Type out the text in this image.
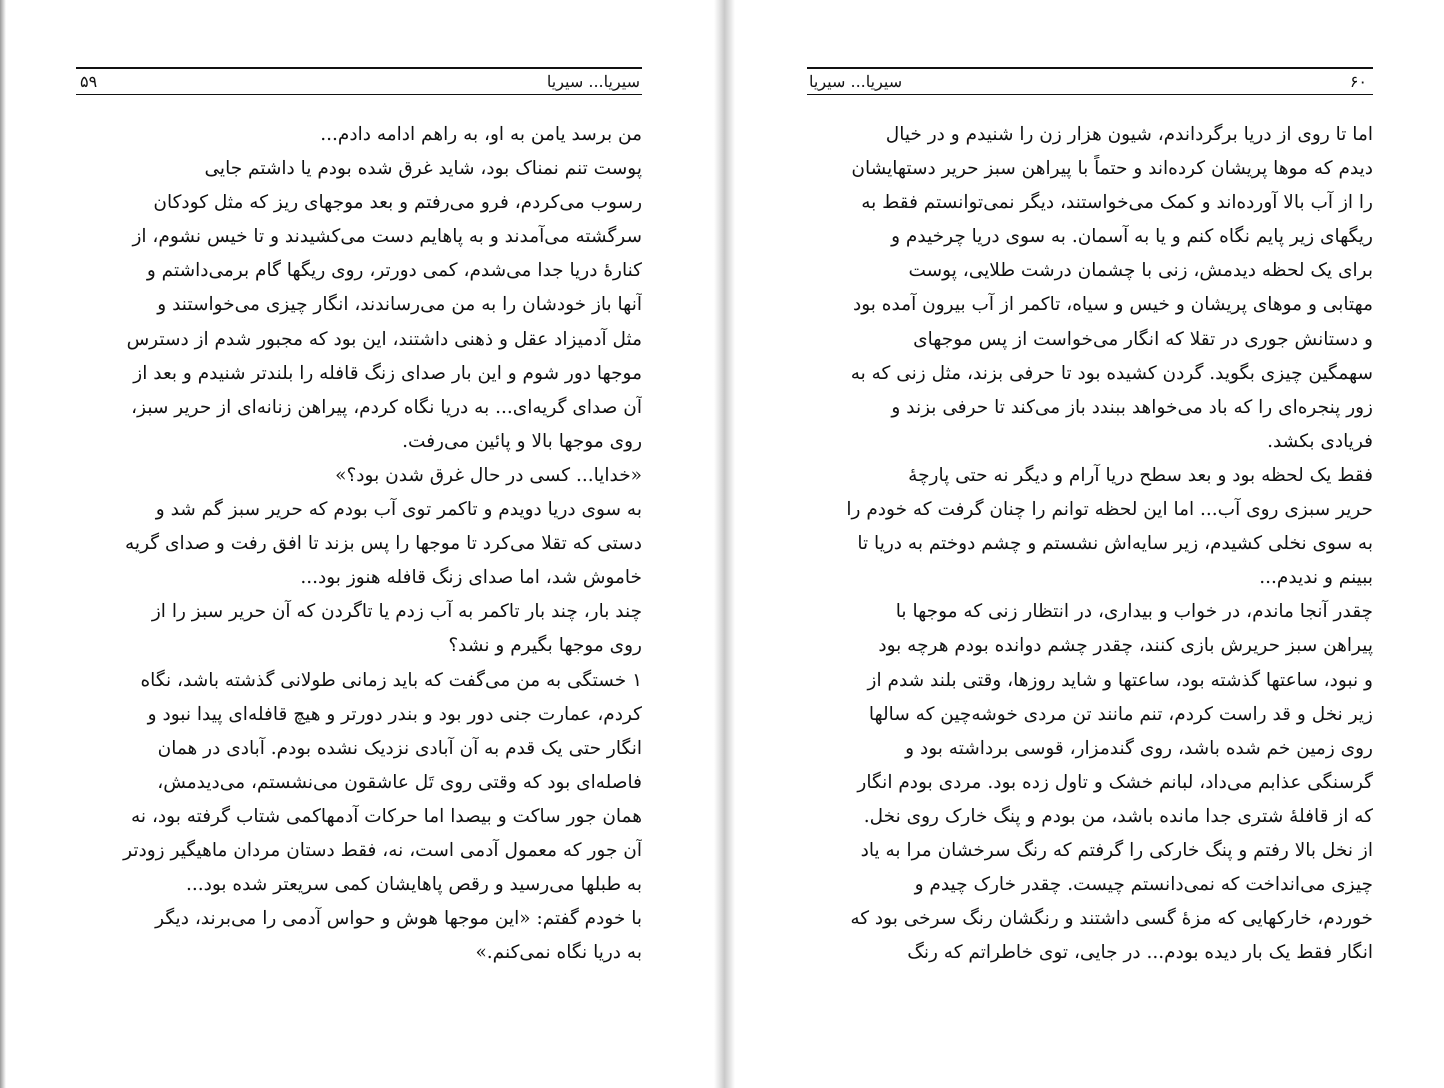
۵۹	سیریا... سیریا
من برسد یامن به او، به راهم ادامه دادم...
پوست تنم نمناک بود، شاید غرق شده بودم یا داشتم جایی
رسوب می‌کردم، فرو می‌رفتم و بعد موجهای ریز که مثل کودکان
سرگشته می‌آمدند و به پاهایم دست می‌کشیدند و تا خیس نشوم، از
کنارهٔ دریا جدا می‌شدم، کمی دورتر، روی ریگها گام برمی‌داشتم و
آنها باز خودشان را به من می‌رساندند، انگار چیزی می‌خواستند و
مثل آدمیزاد عقل و ذهنی داشتند، این بود که مجبور شدم از دسترس
موجها دور شوم و این بار صدای زنگ قافله را بلندتر شنیدم و بعد از
آن صدای گریه‌ای... به دریا نگاه کردم، پیراهن زنانه‌ای از حریر سبز،
روی موجها بالا و پائین می‌رفت.
«خدایا... کسی در حال غرق شدن بود؟»
به سوی دریا دویدم و تاکمر توی آب بودم که حریر سبز گم شد و
دستی که تقلا می‌کرد تا موجها را پس بزند تا افق رفت و صدای گریه
خاموش شد، اما صدای زنگ قافله هنوز بود...
چند بار، چند بار تاکمر به آب زدم یا تاگردن که آن حریر سبز را از
روی موجها بگیرم و نشد؟
۱ خستگی به من می‌گفت که باید زمانی طولانی گذشته باشد، نگاه
کردم، عمارت جنی دور بود و بندر دورتر و هیچ قافله‌ای پیدا نبود و
انگار حتی یک قدم به آن آبادی نزدیک نشده بودم. آبادی در همان
فاصله‌ای بود که وقتی روی تَل عاشقون می‌نشستم، می‌دیدمش،
همان جور ساکت و بیصدا اما حرکات آدمهاکمی شتاب گرفته بود، نه
آن جور که معمول آدمی است، نه، فقط دستان مردان ماهیگیر زودتر
به طبلها می‌رسید و رقص پاهایشان کمی سریعتر شده بود...
با خودم گفتم: «این موجها هوش و حواس آدمی را می‌برند، دیگر
به دریا نگاه نمی‌کنم.»
۶۰
سیریا... سیریا
اما تا روی از دریا برگرداندم، شیون هزار زن را شنیدم و در خیال
دیدم که موها پریشان کرده‌اند و حتماً با پیراهن سبز حریر دستهایشان
را از آب بالا آورده‌اند و کمک می‌خواستند، دیگر نمی‌توانستم فقط به
ریگهای زیر پایم نگاه کنم و یا به آسمان. به سوی دریا چرخیدم و
برای یک لحظه دیدمش، زنی با چشمان درشت طلایی، پوست
مهتابی و موهای پریشان و خیس و سیاه، تاکمر از آب بیرون آمده بود
و دستانش جوری در تقلا که انگار می‌خواست از پس موجهای
سهمگین چیزی بگوید. گردن کشیده بود تا حرفی بزند، مثل زنی که به
زور پنجره‌ای را که باد می‌خواهد ببندد باز می‌کند تا حرفی بزند و
فریادی بکشد.
فقط یک لحظه بود و بعد سطح دریا آرام و دیگر نه حتی پارچهٔ
حریر سبزی روی آب... اما این لحظه توانم را چنان گرفت که خودم را
به سوی نخلی کشیدم، زیر سایه‌اش نشستم و چشم دوختم به دریا تا
ببینم و ندیدم...
چقدر آنجا ماندم، در خواب و بیداری، در انتظار زنی که موجها با
پیراهن سبز حریرش بازی کنند، چقدر چشم دوانده بودم هرچه بود
و نبود، ساعتها گذشته بود، ساعتها و شاید روزها، وقتی بلند شدم از
زیر نخل و قد راست کردم، تنم مانند تن مردی خوشه‌چین که سالها
روی زمین خم شده باشد، روی گندمزار، قوسی برداشته بود و
گرسنگی عذابم می‌داد، لبانم خشک و تاول زده بود. مردی بودم انگار
که از قافلهٔ شتری جدا مانده باشد، من بودم و پنگ خارک روی نخل.
از نخل بالا رفتم و پنگ خارکی را گرفتم که رنگ سرخشان مرا به یاد
چیزی می‌انداخت که نمی‌دانستم چیست. چقدر خارک چیدم و
خوردم، خارکهایی که مزهٔ گسی داشتند و رنگشان رنگ سرخی بود که
انگار فقط یک بار دیده بودم... در جایی، توی خاطراتم که رنگ
